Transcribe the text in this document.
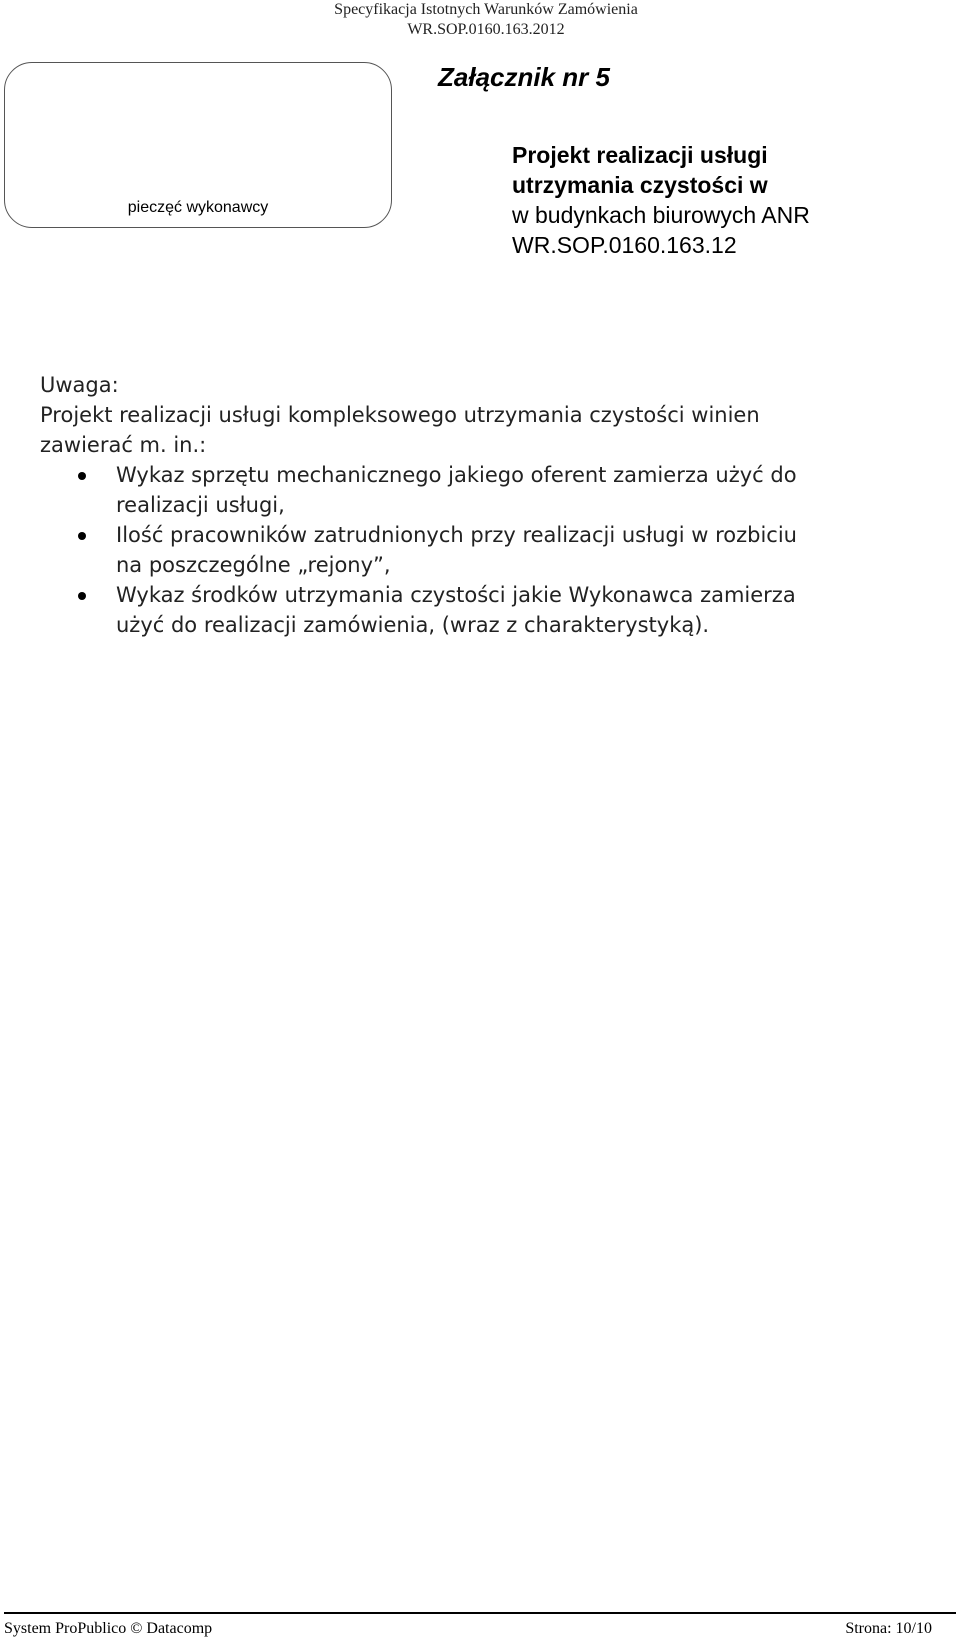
Specyfikacja Istotnych Warunków Zamówienia
WR.SOP.0160.163.2012
pieczęć wykonawcy
Załącznik nr 5
Projekt realizacji usługi
utrzymania czystości w
w budynkach biurowych ANR
WR.SOP.0160.163.12
Uwaga:
Projekt realizacji usługi kompleksowego utrzymania czystości winien
zawierać m. in.:
Wykaz sprzętu mechanicznego jakiego oferent zamierza użyć do
realizacji usługi,
Ilość pracowników zatrudnionych przy realizacji usługi w rozbiciu
na poszczególne „rejony”,
Wykaz środków utrzymania czystości jakie Wykonawca zamierza
użyć do realizacji zamówienia, (wraz z charakterystyką).
System ProPublico © Datacomp	Strona: 10/10
